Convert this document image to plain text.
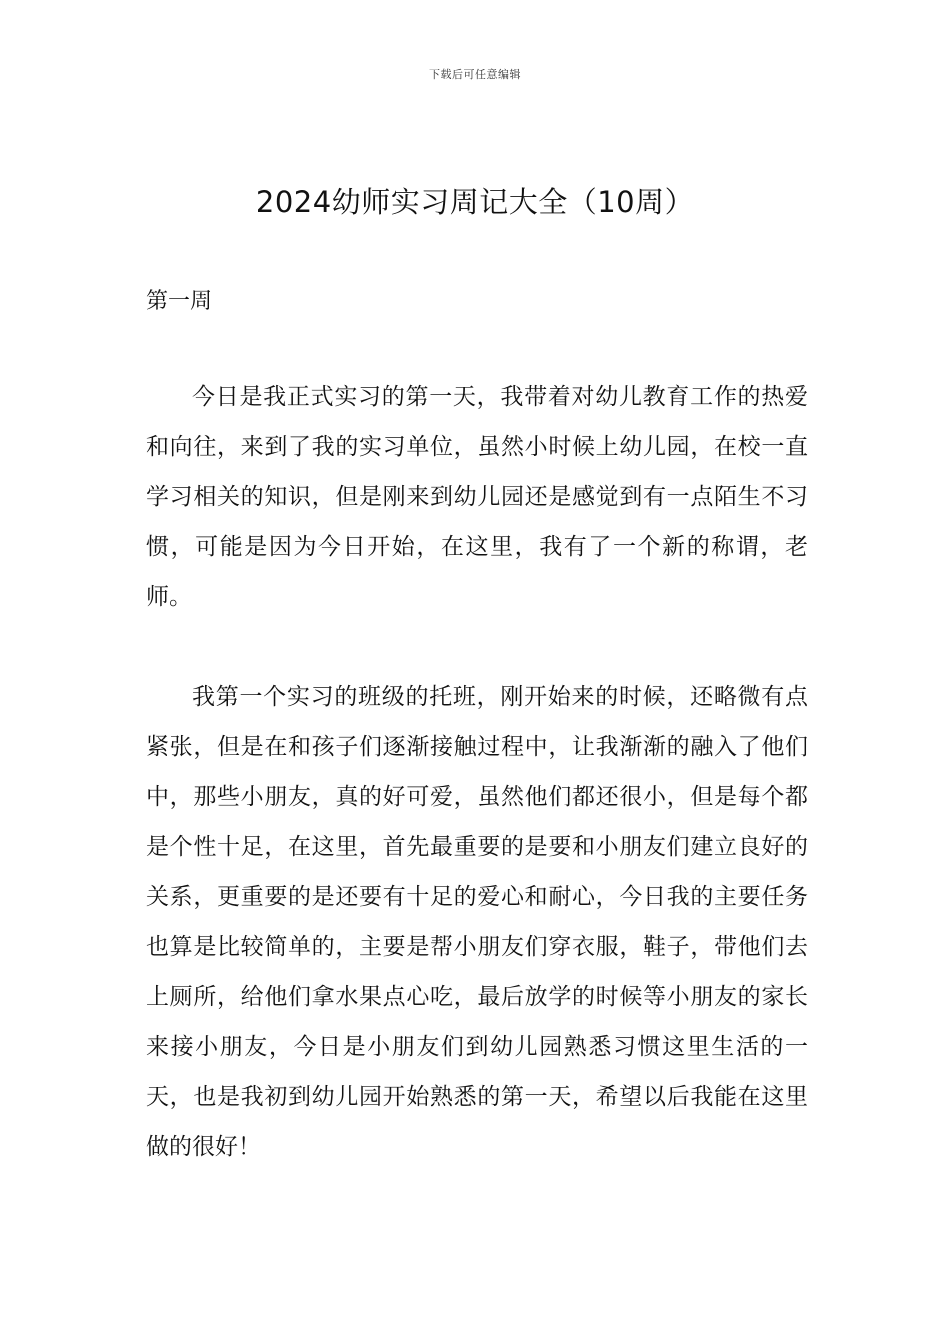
下载后可任意编辑
2024幼师实习周记大全（10周）
第一周

今日是我正式实习的第一天，我带着对幼儿教育工作的热爱和向往，来到了我的实习单位，虽然小时候上幼儿园，在校一直学习相关的知识，但是刚来到幼儿园还是感觉到有一点陌生不习惯，可能是因为今日开始，在这里，我有了一个新的称谓，老师。

我第一个实习的班级的托班，刚开始来的时候，还略微有点紧张，但是在和孩子们逐渐接触过程中，让我渐渐的融入了他们中，那些小朋友，真的好可爱，虽然他们都还很小，但是每个都是个性十足，在这里，首先最重要的是要和小朋友们建立良好的关系，更重要的是还要有十足的爱心和耐心，今日我的主要任务也算是比较简单的，主要是帮小朋友们穿衣服，鞋子，带他们去上厕所，给他们拿水果点心吃，最后放学的时候等小朋友的家长来接小朋友，今日是小朋友们到幼儿园熟悉习惯这里生活的一天，也是我初到幼儿园开始熟悉的第一天，希望以后我能在这里做的很好！
